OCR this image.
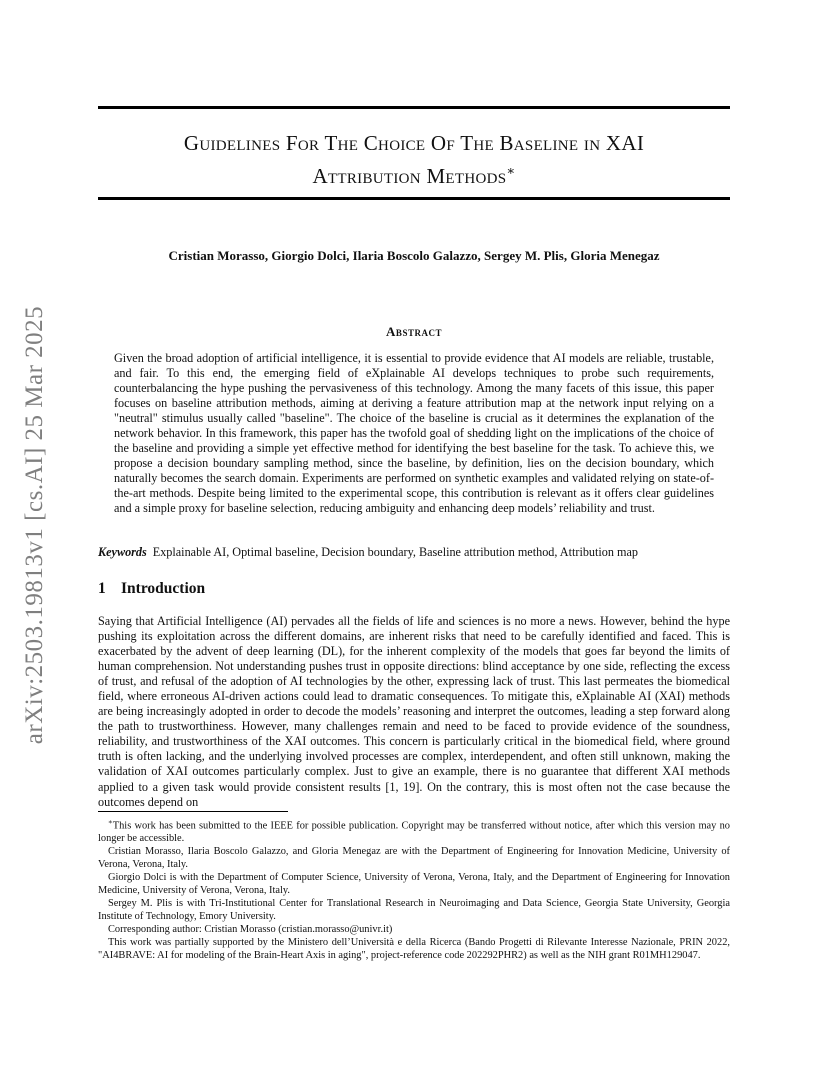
arXiv:2503.19813v1 [cs.AI] 25 Mar 2025
Guidelines For The Choice Of The Baseline in XAI
Attribution Methods∗
Cristian Morasso, Giorgio Dolci, Ilaria Boscolo Galazzo, Sergey M. Plis, Gloria Menegaz
Abstract
Given the broad adoption of artificial intelligence, it is essential to provide evidence that AI models are reliable, trustable, and fair. To this end, the emerging field of eXplainable AI develops techniques to probe such requirements, counterbalancing the hype pushing the pervasiveness of this technology. Among the many facets of this issue, this paper focuses on baseline attribution methods, aiming at deriving a feature attribution map at the network input relying on a "neutral" stimulus usually called "baseline". The choice of the baseline is crucial as it determines the explanation of the network behavior. In this framework, this paper has the twofold goal of shedding light on the implications of the choice of the baseline and providing a simple yet effective method for identifying the best baseline for the task. To achieve this, we propose a decision boundary sampling method, since the baseline, by definition, lies on the decision boundary, which naturally becomes the search domain. Experiments are performed on synthetic examples and validated relying on state-of-the-art methods. Despite being limited to the experimental scope, this contribution is relevant as it offers clear guidelines and a simple proxy for baseline selection, reducing ambiguity and enhancing deep models’ reliability and trust.
Keywords Explainable AI, Optimal baseline, Decision boundary, Baseline attribution method, Attribution map
1 Introduction
Saying that Artificial Intelligence (AI) pervades all the fields of life and sciences is no more a news. However, behind the hype pushing its exploitation across the different domains, are inherent risks that need to be carefully identified and faced. This is exacerbated by the advent of deep learning (DL), for the inherent complexity of the models that goes far beyond the limits of human comprehension. Not understanding pushes trust in opposite directions: blind acceptance by one side, reflecting the excess of trust, and refusal of the adoption of AI technologies by the other, expressing lack of trust. This last permeates the biomedical field, where erroneous AI-driven actions could lead to dramatic consequences. To mitigate this, eXplainable AI (XAI) methods are being increasingly adopted in order to decode the models’ reasoning and interpret the outcomes, leading a step forward along the path to trustworthiness. However, many challenges remain and need to be faced to provide evidence of the soundness, reliability, and trustworthiness of the XAI outcomes. This concern is particularly critical in the biomedical field, where ground truth is often lacking, and the underlying involved processes are complex, interdependent, and often still unknown, making the validation of XAI outcomes particularly complex. Just to give an example, there is no guarantee that different XAI methods applied to a given task would provide consistent results [1, 19]. On the contrary, this is most often not the case because the outcomes depend on

∗This work has been submitted to the IEEE for possible publication. Copyright may be transferred without notice, after which this version may no longer be accessible.

Cristian Morasso, Ilaria Boscolo Galazzo, and Gloria Menegaz are with the Department of Engineering for Innovation Medicine, University of Verona, Verona, Italy.

Giorgio Dolci is with the Department of Computer Science, University of Verona, Verona, Italy, and the Department of Engineering for Innovation Medicine, University of Verona, Verona, Italy.

Sergey M. Plis is with Tri-Institutional Center for Translational Research in Neuroimaging and Data Science, Georgia State University, Georgia Institute of Technology, Emory University.

Corresponding author: Cristian Morasso (cristian.morasso@univr.it)

This work was partially supported by the Ministero dell’Università e della Ricerca (Bando Progetti di Rilevante Interesse Nazionale, PRIN 2022, "AI4BRAVE: AI for modeling of the Brain-Heart Axis in aging", project-reference code 202292PHR2) as well as the NIH grant R01MH129047.
